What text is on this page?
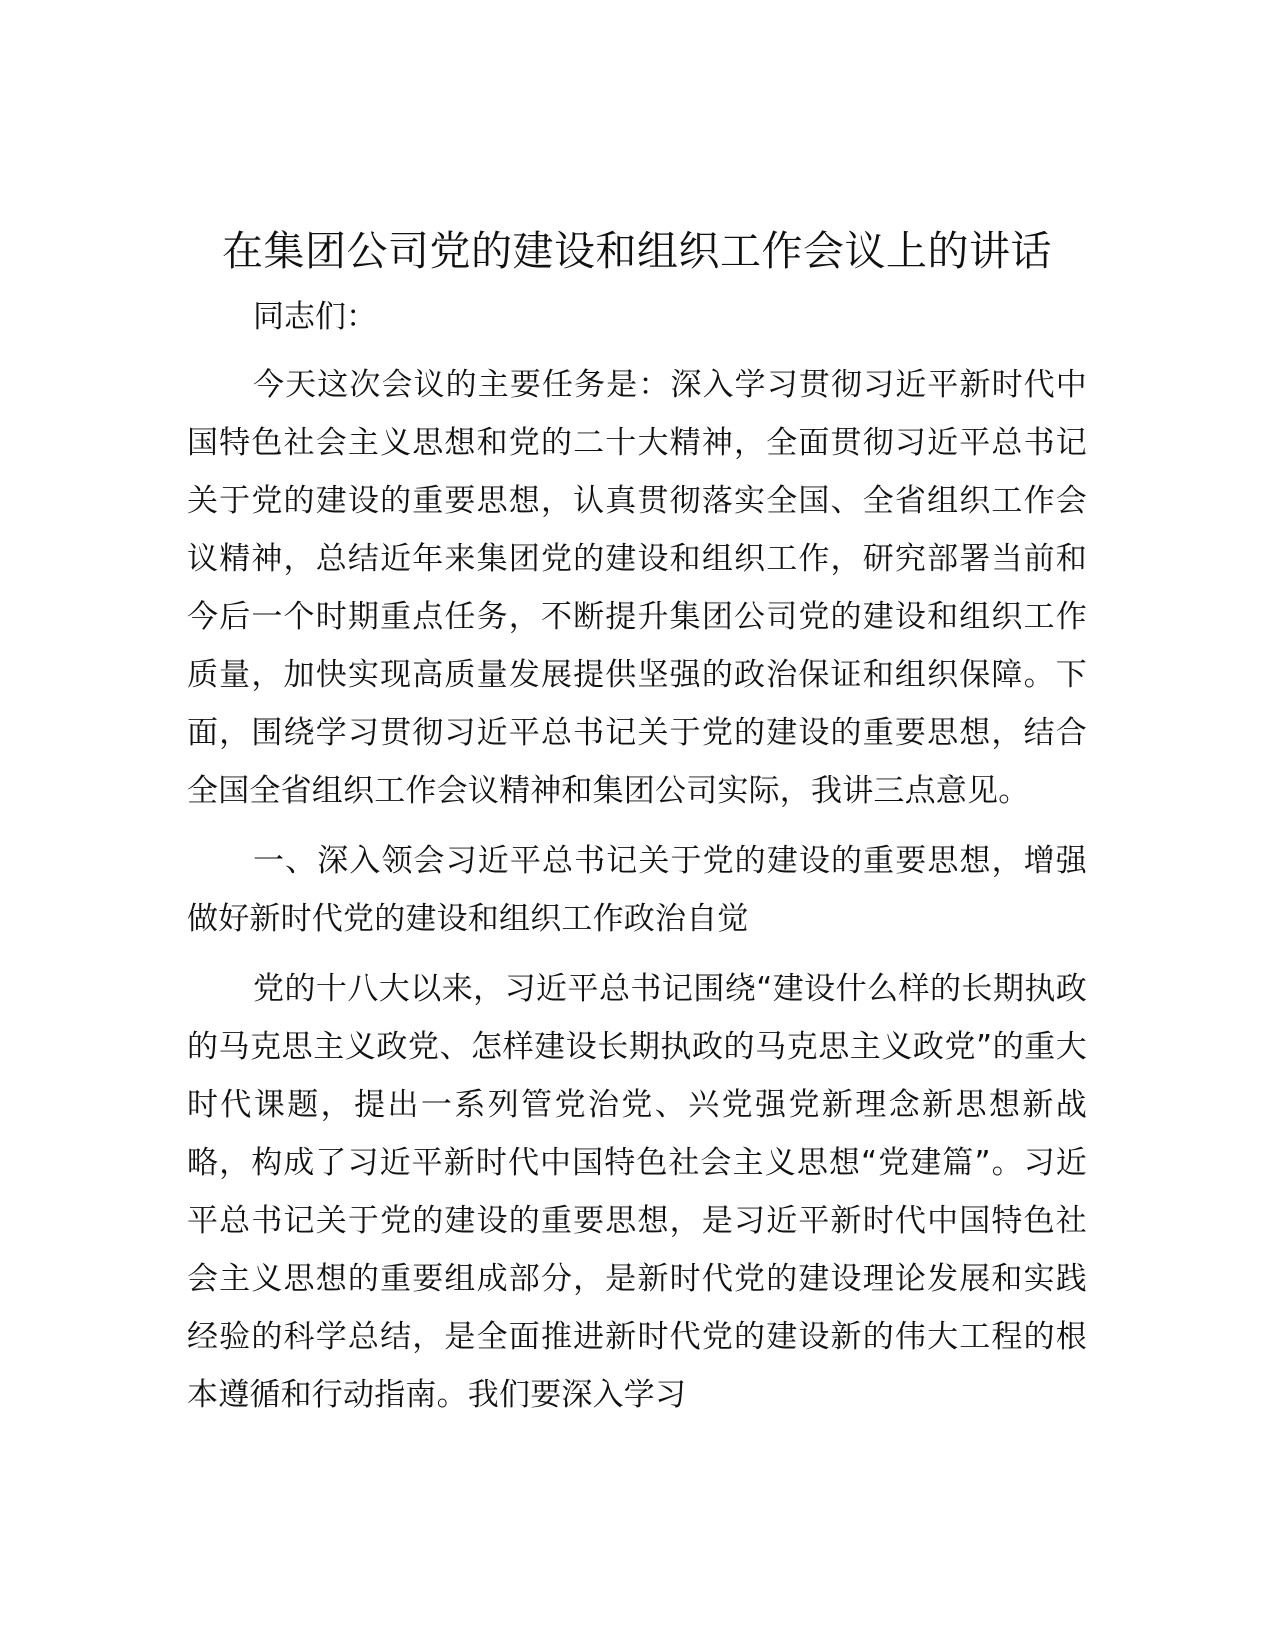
在集团公司党的建设和组织工作会议上的讲话

同志们：

今天这次会议的主要任务是：深入学习贯彻习近平新时代中国特色社会主义思想和党的二十大精神，全面贯彻习近平总书记关于党的建设的重要思想，认真贯彻落实全国、全省组织工作会议精神，总结近年来集团党的建设和组织工作，研究部署当前和今后一个时期重点任务，不断提升集团公司党的建设和组织工作质量，加快实现高质量发展提供坚强的政治保证和组织保障。下面，围绕学习贯彻习近平总书记关于党的建设的重要思想，结合全国全省组织工作会议精神和集团公司实际，我讲三点意见。

一、深入领会习近平总书记关于党的建设的重要思想，增强做好新时代党的建设和组织工作政治自觉

党的十八大以来，习近平总书记围绕“建设什么样的长期执政的马克思主义政党、怎样建设长期执政的马克思主义政党”的重大时代课题，提出一系列管党治党、兴党强党新理念新思想新战略，构成了习近平新时代中国特色社会主义思想“党建篇”。习近平总书记关于党的建设的重要思想，是习近平新时代中国特色社会主义思想的重要组成部分，是新时代党的建设理论发展和实践经验的科学总结，是全面推进新时代党的建设新的伟大工程的根本遵循和行动指南。我们要深入学习
